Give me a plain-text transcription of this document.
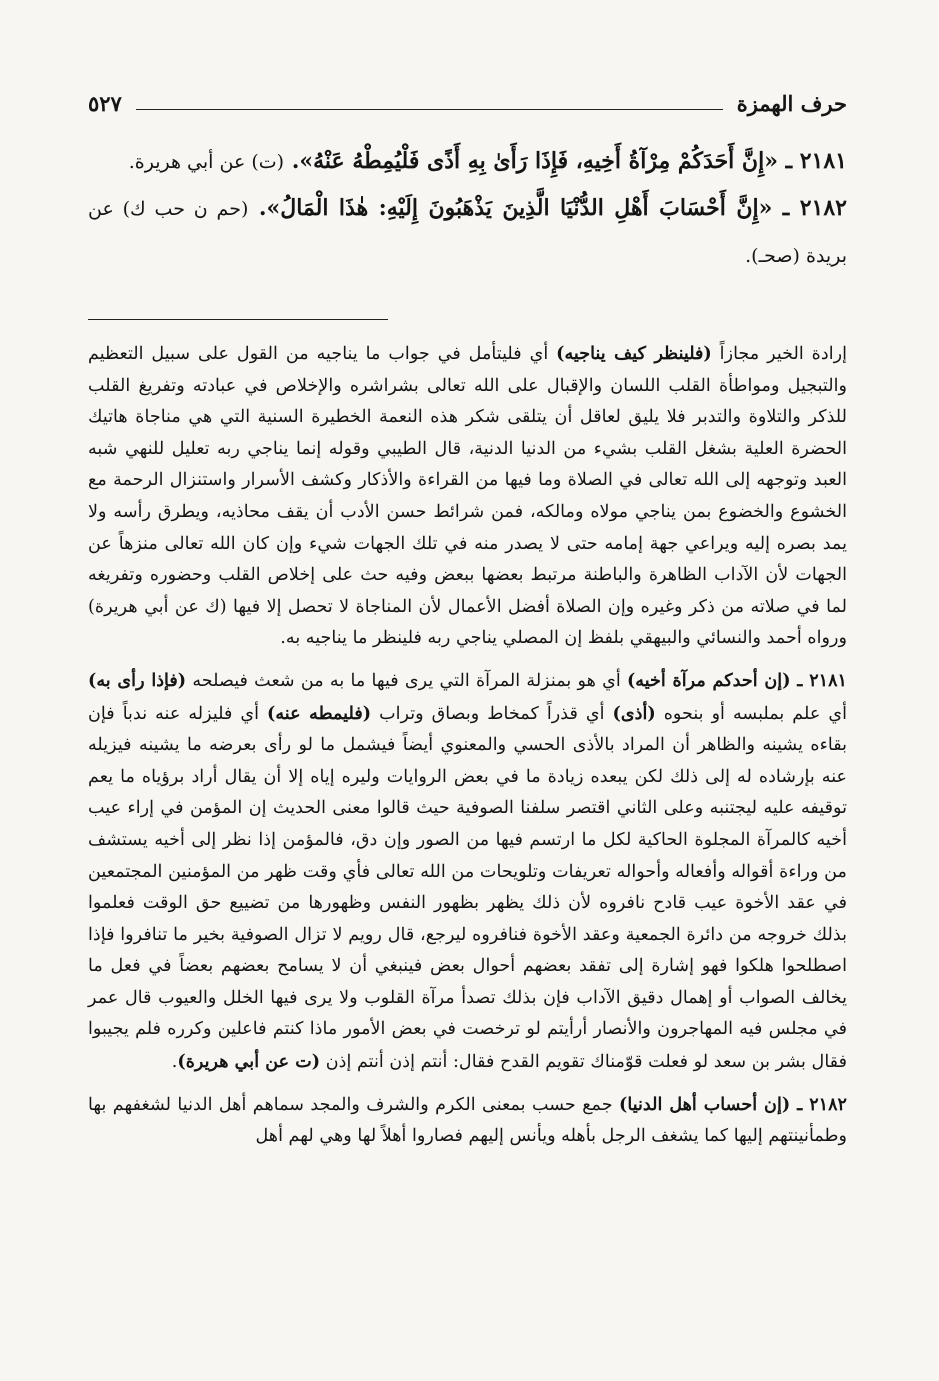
حرف الهمزة
٥٢٧

٢١٨١ ـ «إِنَّ أَحَدَكُمْ مِرْآةُ أَخِيهِ، فَإِذَا رَأَىٰ بِهِ أَذًى فَلْيُمِطْهُ عَنْهُ». (ت) عن أبي هريرة.

٢١٨٢ ـ «إِنَّ أَحْسَابَ أَهْلِ الدُّنْيَا الَّذِينَ يَذْهَبُونَ إِلَيْهِ: هٰذَا الْمَالُ». (حم ن حب ك) عن بريدة (صحـ).

إرادة الخير مجازاً (فلينظر كيف يناجيه) أي فليتأمل في جواب ما يناجيه من القول على سبيل التعظيم والتبجيل ومواطأة القلب اللسان والإقبال على الله تعالى بشراشره والإخلاص في عبادته وتفريغ القلب للذكر والتلاوة والتدبر فلا يليق لعاقل أن يتلقى شكر هذه النعمة الخطيرة السنية التي هي مناجاة هاتيك الحضرة العلية بشغل القلب بشيء من الدنيا الدنية، قال الطيبي وقوله إنما يناجي ربه تعليل للنهي شبه العبد وتوجهه إلى الله تعالى في الصلاة وما فيها من القراءة والأذكار وكشف الأسرار واستنزال الرحمة مع الخشوع والخضوع بمن يناجي مولاه ومالكه، فمن شرائط حسن الأدب أن يقف محاذيه، ويطرق رأسه ولا يمد بصره إليه ويراعي جهة إمامه حتى لا يصدر منه في تلك الجهات شيء وإن كان الله تعالى منزهاً عن الجهات لأن الآداب الظاهرة والباطنة مرتبط بعضها ببعض وفيه حث على إخلاص القلب وحضوره وتفريغه لما في صلاته من ذكر وغيره وإن الصلاة أفضل الأعمال لأن المناجاة لا تحصل إلا فيها (ك عن أبي هريرة) ورواه أحمد والنسائي والبيهقي بلفظ إن المصلي يناجي ربه فلينظر ما يناجيه به.

٢١٨١ ـ (إن أحدكم مرآة أخيه) أي هو بمنزلة المرآة التي يرى فيها ما به من شعث فيصلحه (فإذا رأى به) أي علم بملبسه أو بنحوه (أذى) أي قذراً كمخاط وبصاق وتراب (فليمطه عنه) أي فليزله عنه ندباً فإن بقاءه يشينه والظاهر أن المراد بالأذى الحسي والمعنوي أيضاً فيشمل ما لو رأى بعرضه ما يشينه فيزيله عنه بإرشاده له إلى ذلك لكن يبعده زيادة ما في بعض الروايات وليره إياه إلا أن يقال أراد برؤياه ما يعم توقيفه عليه ليجتنبه وعلى الثاني اقتصر سلفنا الصوفية حيث قالوا معنى الحديث إن المؤمن في إراء عيب أخيه كالمرآة المجلوة الحاكية لكل ما ارتسم فيها من الصور وإن دق، فالمؤمن إذا نظر إلى أخيه يستشف من وراءة أقواله وأفعاله وأحواله تعريفات وتلويحات من الله تعالى فأي وقت ظهر من المؤمنين المجتمعين في عقد الأخوة عيب قادح نافروه لأن ذلك يظهر بظهور النفس وظهورها من تضييع حق الوقت فعلموا بذلك خروجه من دائرة الجمعية وعقد الأخوة فنافروه ليرجع، قال رويم لا تزال الصوفية بخير ما تنافروا فإذا اصطلحوا هلكوا فهو إشارة إلى تفقد بعضهم أحوال بعض فينبغي أن لا يسامح بعضهم بعضاً في فعل ما يخالف الصواب أو إهمال دقيق الآداب فإن بذلك تصدأ مرآة القلوب ولا يرى فيها الخلل والعيوب قال عمر في مجلس فيه المهاجرون والأنصار أرأيتم لو ترخصت في بعض الأمور ماذا كنتم فاعلين وكرره فلم يجيبوا فقال بشر بن سعد لو فعلت قوّمناك تقويم القدح فقال: أنتم إذن أنتم إذن (ت عن أبي هريرة).

٢١٨٢ ـ (إن أحساب أهل الدنيا) جمع حسب بمعنى الكرم والشرف والمجد سماهم أهل الدنيا لشغفهم بها وطمأنينتهم إليها كما يشغف الرجل بأهله ويأنس إليهم فصاروا أهلاً لها وهي لهم أهل
